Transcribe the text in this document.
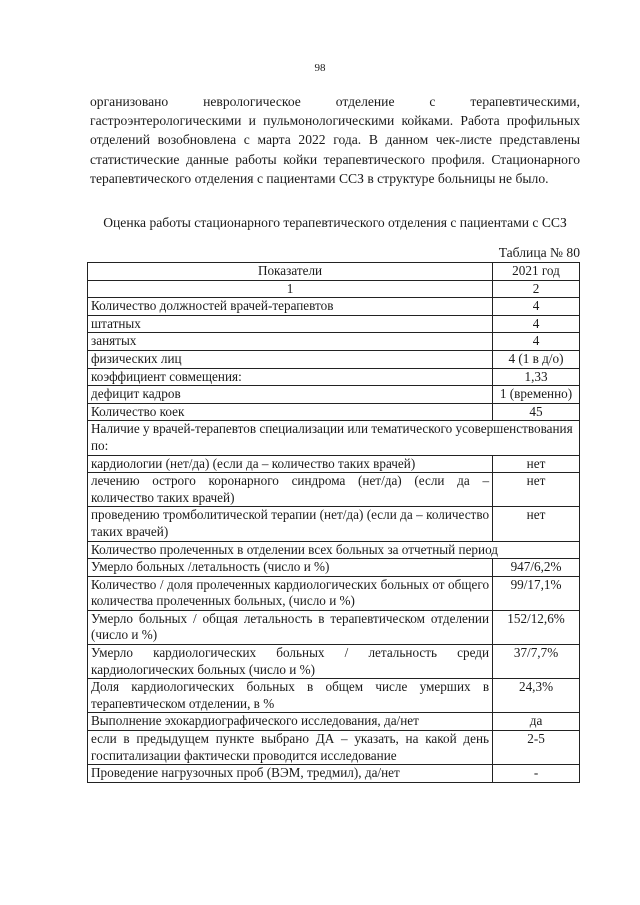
98

организовано неврологическое отделение с терапевтическими, гастроэнтерологическими и пульмонологическими койками. Работа профильных отделений возобновлена с марта 2022 года. В данном чек-листе представлены статистические данные работы койки терапевтического профиля. Стационарного терапевтического отделения с пациентами ССЗ в структуре больницы не было.

Оценка работы стационарного терапевтического отделения с пациентами с ССЗ
Таблица № 80
Показатели	2021 год
1	2
Количество должностей врачей-терапевтов	4
штатных	4
занятых	4
физических лиц	4 (1 в д/о)
коэффициент совмещения:	1,33
дефицит кадров	1 (временно)
Количество коек	45
Наличие у врачей-терапевтов специализации или тематического усовершенствования по:	
кардиологии (нет/да) (если да – количество таких врачей)	нет
лечению острого коронарного синдрома (нет/да) (если да – количество таких врачей)	нет
проведению тромболитической терапии (нет/да) (если да – количество таких врачей)	нет
Количество пролеченных в отделении всех больных за отчетный период	
Умерло больных /летальность (число и %)	947/6,2%
Количество / доля пролеченных кардиологических больных от общего количества пролеченных больных, (число и %)	99/17,1%
Умерло больных / общая летальность в терапевтическом отделении (число и %)	152/12,6%
Умерло кардиологических больных / летальность среди кардиологических больных (число и %)	37/7,7%
Доля кардиологических больных в общем числе умерших в терапевтическом отделении, в %	24,3%
Выполнение эхокардиографического исследования, да/нет	да
если в предыдущем пункте выбрано ДА – указать, на какой день госпитализации фактически проводится исследование	2-5
Проведение нагрузочных проб (ВЭМ, тредмил), да/нет	-
